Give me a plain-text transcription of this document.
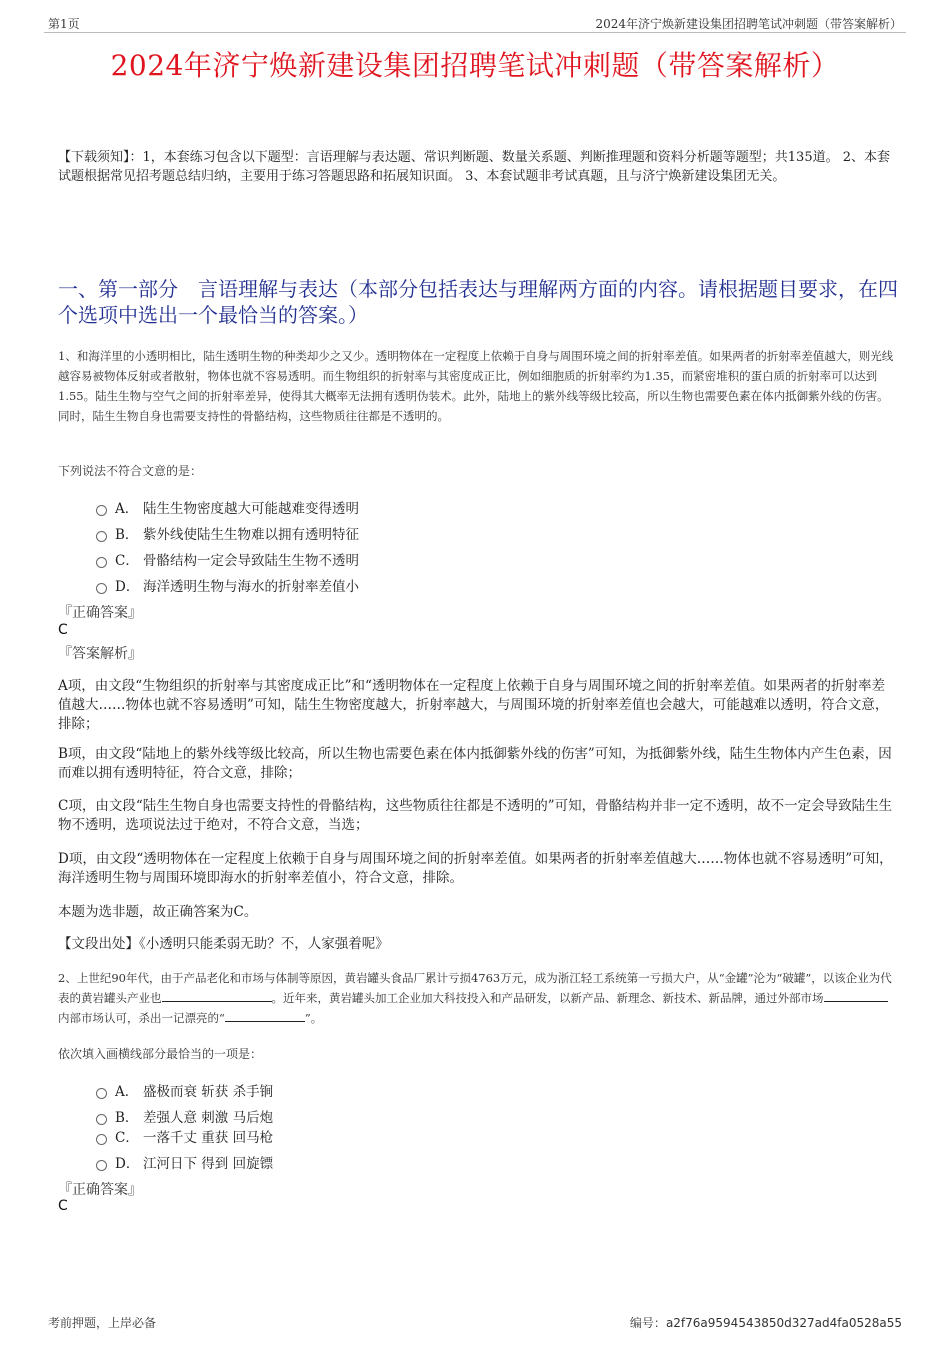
第1页	2024年济宁焕新建设集团招聘笔试冲刺题（带答案解析）
2024年济宁焕新建设集团招聘笔试冲刺题（带答案解析）
【下载须知】：1，本套练习包含以下题型：言语理解与表达题、常识判断题、数量关系题、判断推理题和资料分析题等题型；共135道。 2、本套试题根据常见招考题总结归纳，主要用于练习答题思路和拓展知识面。 3、本套试题非考试真题，且与济宁焕新建设集团无关。
一、第一部分　言语理解与表达（本部分包括表达与理解两方面的内容。请根据题目要求，在四个选项中选出一个最恰当的答案。）
1、和海洋里的小透明相比，陆生透明生物的种类却少之又少。透明物体在一定程度上依赖于自身与周围环境之间的折射率差值。如果两者的折射率差值越大，则光线越容易被物体反射或者散射，物体也就不容易透明。而生物组织的折射率与其密度成正比，例如细胞质的折射率约为1.35，而紧密堆积的蛋白质的折射率可以达到1.55。陆生生物与空气之间的折射率差异，使得其大概率无法拥有透明伪装术。此外，陆地上的紫外线等级比较高，所以生物也需要色素在体内抵御紫外线的伤害。同时，陆生生物自身也需要支持性的骨骼结构，这些物质往往都是不透明的。
下列说法不符合文意的是：
A． 陆生生物密度越大可能越难变得透明
B． 紫外线使陆生生物难以拥有透明特征
C． 骨骼结构一定会导致陆生生物不透明
D． 海洋透明生物与海水的折射率差值小
『正确答案』
C
『答案解析』
A项，由文段“生物组织的折射率与其密度成正比”和“透明物体在一定程度上依赖于自身与周围环境之间的折射率差值。如果两者的折射率差值越大……物体也就不容易透明”可知，陆生生物密度越大，折射率越大，与周围环境的折射率差值也会越大，可能越难以透明，符合文意，排除；
B项，由文段“陆地上的紫外线等级比较高，所以生物也需要色素在体内抵御紫外线的伤害”可知，为抵御紫外线，陆生生物体内产生色素，因而难以拥有透明特征，符合文意，排除；
C项，由文段“陆生生物自身也需要支持性的骨骼结构，这些物质往往都是不透明的”可知，骨骼结构并非一定不透明，故不一定会导致陆生生物不透明，选项说法过于绝对，不符合文意，当选；
D项，由文段“透明物体在一定程度上依赖于自身与周围环境之间的折射率差值。如果两者的折射率差值越大……物体也就不容易透明”可知，海洋透明生物与周围环境即海水的折射率差值小，符合文意，排除。
本题为选非题，故正确答案为C。
【文段出处】《小透明只能柔弱无助？不，人家强着呢》
2、上世纪90年代，由于产品老化和市场与体制等原因，黄岩罐头食品厂累计亏损4763万元，成为浙江轻工系统第一亏损大户，从“金罐”沦为“破罐”，以该企业为代表的黄岩罐头产业也	。近年来，黄岩罐头加工企业加大科技投入和产品研发，以新产品、新理念、新技术、新品牌，通过外部市场内部市场认可，杀出一记漂亮的“	”。
依次填入画横线部分最恰当的一项是：
A． 盛极而衰 斩获 杀手锏
B． 差强人意 刺激 马后炮
C． 一落千丈 重获 回马枪
D． 江河日下 得到 回旋镖
『正确答案』
C
考前押题，上岸必备	编号：a2f76a9594543850d327ad4fa0528a55
